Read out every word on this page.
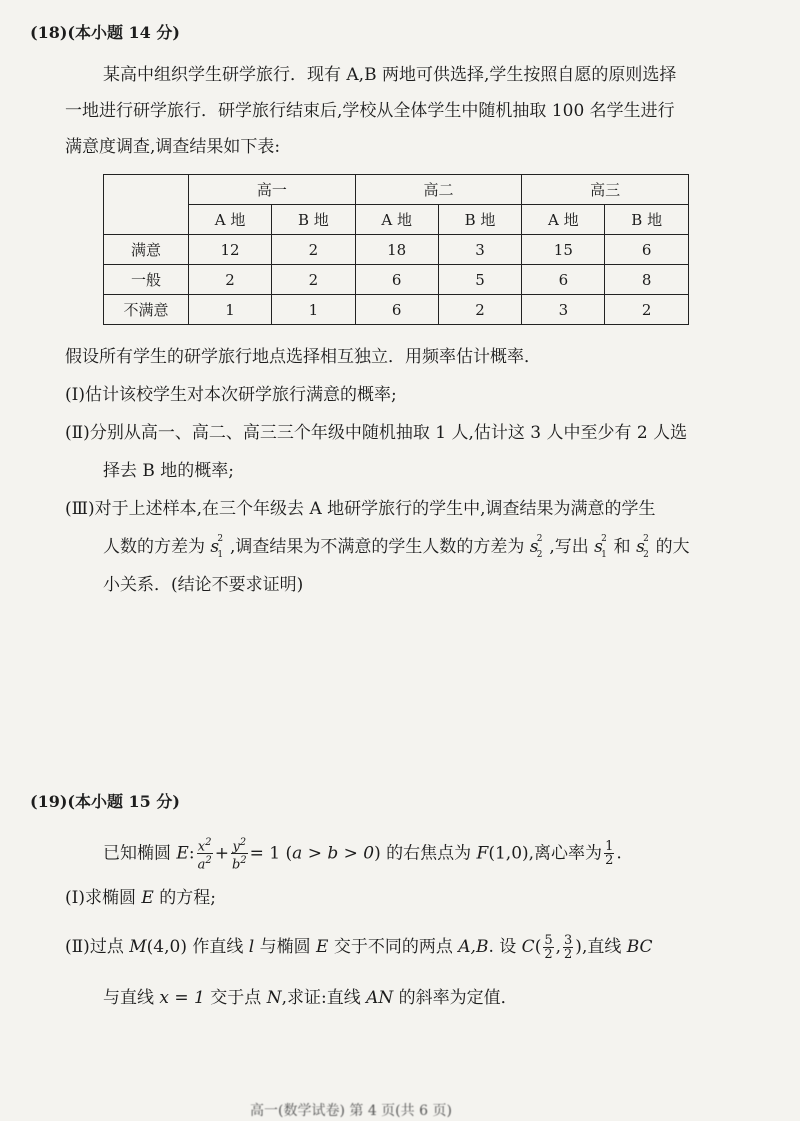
(18)(本小题 14 分)
某高中组织学生研学旅行．现有 A,B 两地可供选择,学生按照自愿的原则选择
一地进行研学旅行．研学旅行结束后,学校从全体学生中随机抽取 100 名学生进行
满意度调查,调查结果如下表:
	高一		高二		高三	
	A 地	B 地	A 地	B 地	A 地	B 地
满意	12	2	18	3	15	6
一般	2	2	6	5	6	8
不满意	1	1	6	2	3	2
假设所有学生的研学旅行地点选择相互独立．用频率估计概率．
(Ⅰ)估计该校学生对本次研学旅行满意的概率;
(Ⅱ)分别从高一、高二、高三三个年级中随机抽取 1 人,估计这 3 人中至少有 2 人选
择去 B 地的概率;
(Ⅲ)对于上述样本,在三个年级去 A 地研学旅行的学生中,调查结果为满意的学生
人数的方差为 s
2
1 ,调查结果为不满意的学生人数的方差为 s
2
2 ,写出 s
2
1 和 s
2
2 的大
小关系．(结论不要求证明)
(19)(本小题 15 分)
已知椭圆 E: $\frac{x^2}{a^2} + \frac{y^2}{b^2} = 1$ (a > b > 0) 的右焦点为 F(1,0),离心率为 $\frac{1}{2}$ .
(Ⅰ)求椭圆 E 的方程;
(Ⅱ)过点 M(4,0) 作直线 l 与椭圆 E 交于不同的两点 A,B. 设 $C( \frac{5}{2}$ , $\frac{3}{2}$ ),直线 BC
与直线 x = 1 交于点 N,求证:直线 AN 的斜率为定值．
高一(数学试卷) 第 4 页(共 6 页)
